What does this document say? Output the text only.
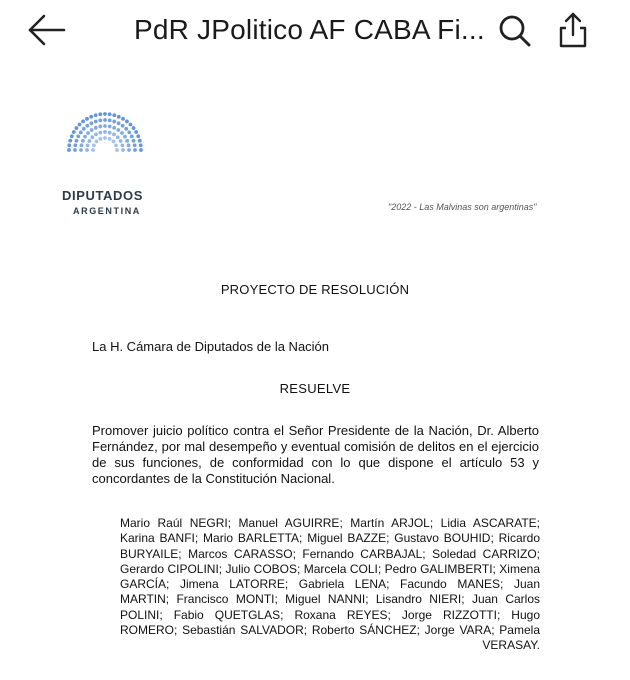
PdR JPolitico AF CABA Fi...
DIPUTADOS
ARGENTINA	"2022 - Las Malvinas son argentinas"
PROYECTO DE RESOLUCIÓN
La H. Cámara de Diputados de la Nación
RESUELVE
Promover juicio político contra el Señor Presidente de la Nación, Dr. Alberto Fernández, por mal desempeño y eventual comisión de delitos en el ejercicio de sus funciones, de conformidad con lo que dispone el artículo 53 y concordantes de la Constitución Nacional.
Mario Raúl NEGRI; Manuel AGUIRRE; Martín ARJOL; Lidia ASCARATE; Karina BANFI; Mario BARLETTA; Miguel BAZZE; Gustavo BOUHID; Ricardo BURYAILE; Marcos CARASSO; Fernando CARBAJAL; Soledad CARRIZO; Gerardo CIPOLINI; Julio COBOS; Marcela COLI; Pedro GALIMBERTI; Ximena GARCÍA; Jimena LATORRE; Gabriela LENA; Facundo MANES; Juan MARTIN; Francisco MONTI; Miguel NANNI; Lisandro NIERI; Juan Carlos POLINI; Fabio QUETGLAS; Roxana REYES; Jorge RIZZOTTI; Hugo ROMERO; Sebastián SALVADOR; Roberto SÁNCHEZ; Jorge VARA; Pamela VERASAY.
